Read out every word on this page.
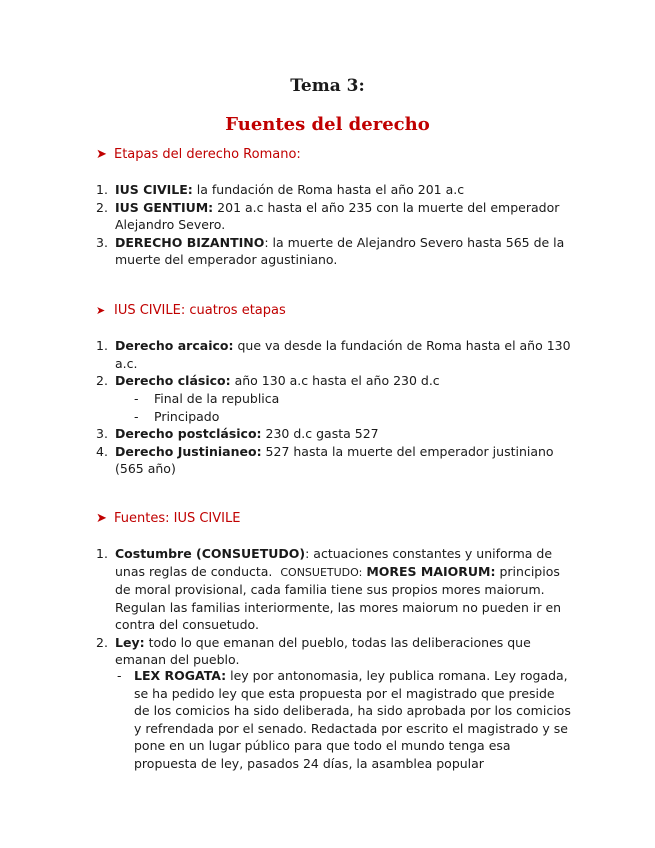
Tema 3:
Fuentes del derecho
➤ Etapas del derecho Romano:
1. IUS CIVILE: la fundación de Roma hasta el año 201 a.c
2. IUS GENTIUM: 201 a.c hasta el año 235 con la muerte del emperador Alejandro Severo.
3. DERECHO BIZANTINO: la muerte de Alejandro Severo hasta 565 de la muerte del emperador agustiniano.
➤ IUS CIVILE: cuatros etapas
1. Derecho arcaico: que va desde la fundación de Roma hasta el año 130 a.c.
2. Derecho clásico: año 130 a.c hasta el año 230 d.c
- Final de la republica
- Principado
3. Derecho postclásico: 230 d.c gasta 527
4. Derecho Justinianeo: 527 hasta la muerte del emperador justiniano (565 año)
➤ Fuentes: IUS CIVILE
1. Costumbre (CONSUETUDO): actuaciones constantes y uniforma de unas reglas de conducta. CONSUETUDO: MORES MAIORUM: principios de moral provisional, cada familia tiene sus propios mores maiorum. Regulan las familias interiormente, las mores maiorum no pueden ir en contra del consuetudo.
2. Ley: todo lo que emanan del pueblo, todas las deliberaciones que emanan del pueblo.
- LEX ROGATA: ley por antonomasia, ley publica romana. Ley rogada, se ha pedido ley que esta propuesta por el magistrado que preside de los comicios ha sido deliberada, ha sido aprobada por los comicios y refrendada por el senado. Redactada por escrito el magistrado y se pone en un lugar público para que todo el mundo tenga esa propuesta de ley, pasados 24 días, la asamblea popular
